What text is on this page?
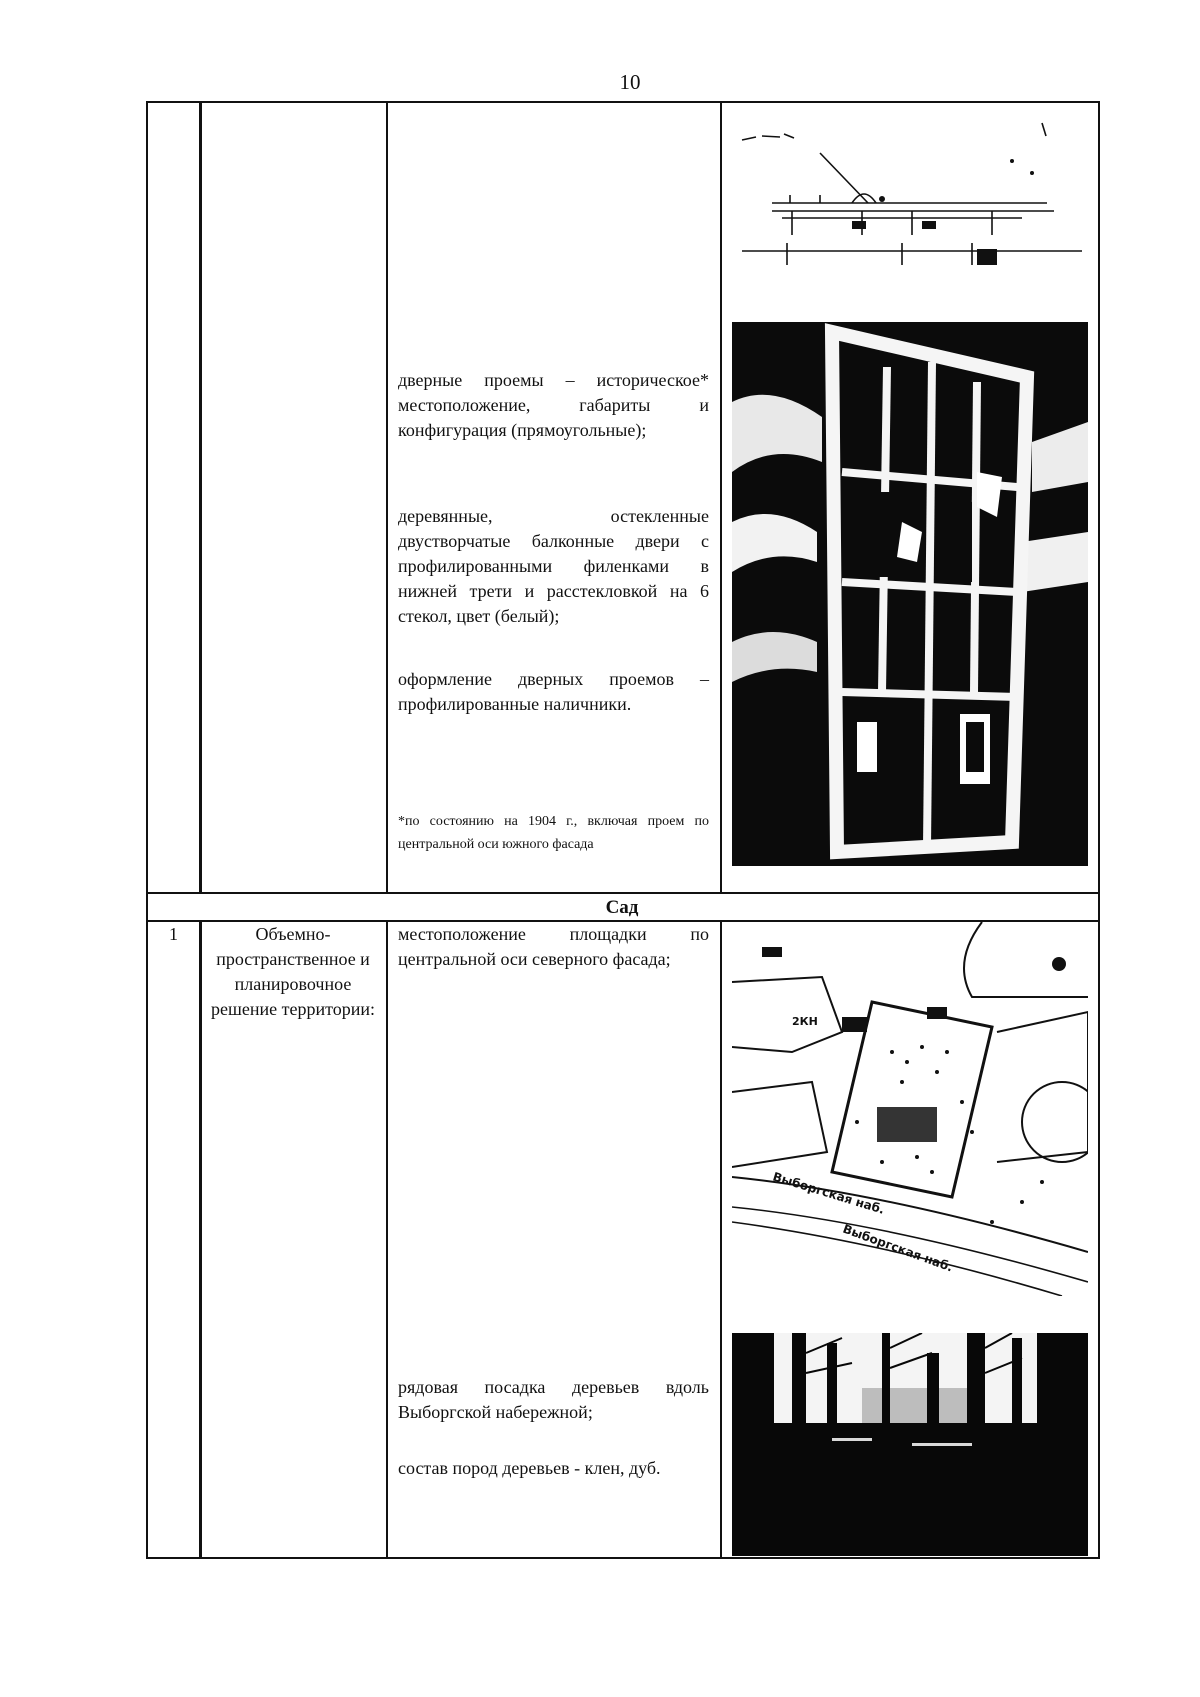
10

дверные проемы – историческое* местоположение, габариты и конфигурация (прямоугольные);

деревянные, остекленные двустворчатые балконные двери с профилированными филенками в нижней трети и расстекловкой на 6 стекол, цвет (белый);

оформление дверных проемов – профилированные наличники.

*по состоянию на 1904 г., включая проем по центральной оси южного фасада

Сад
1	Объемно-пространственное и планировочное решение территории:

местоположение площадки по центральной оси северного фасада;

рядовая посадка деревьев вдоль Выборгской набережной;

состав пород деревьев - клен, дуб.

2КН
Выборгская наб.
Выборгская наб.
